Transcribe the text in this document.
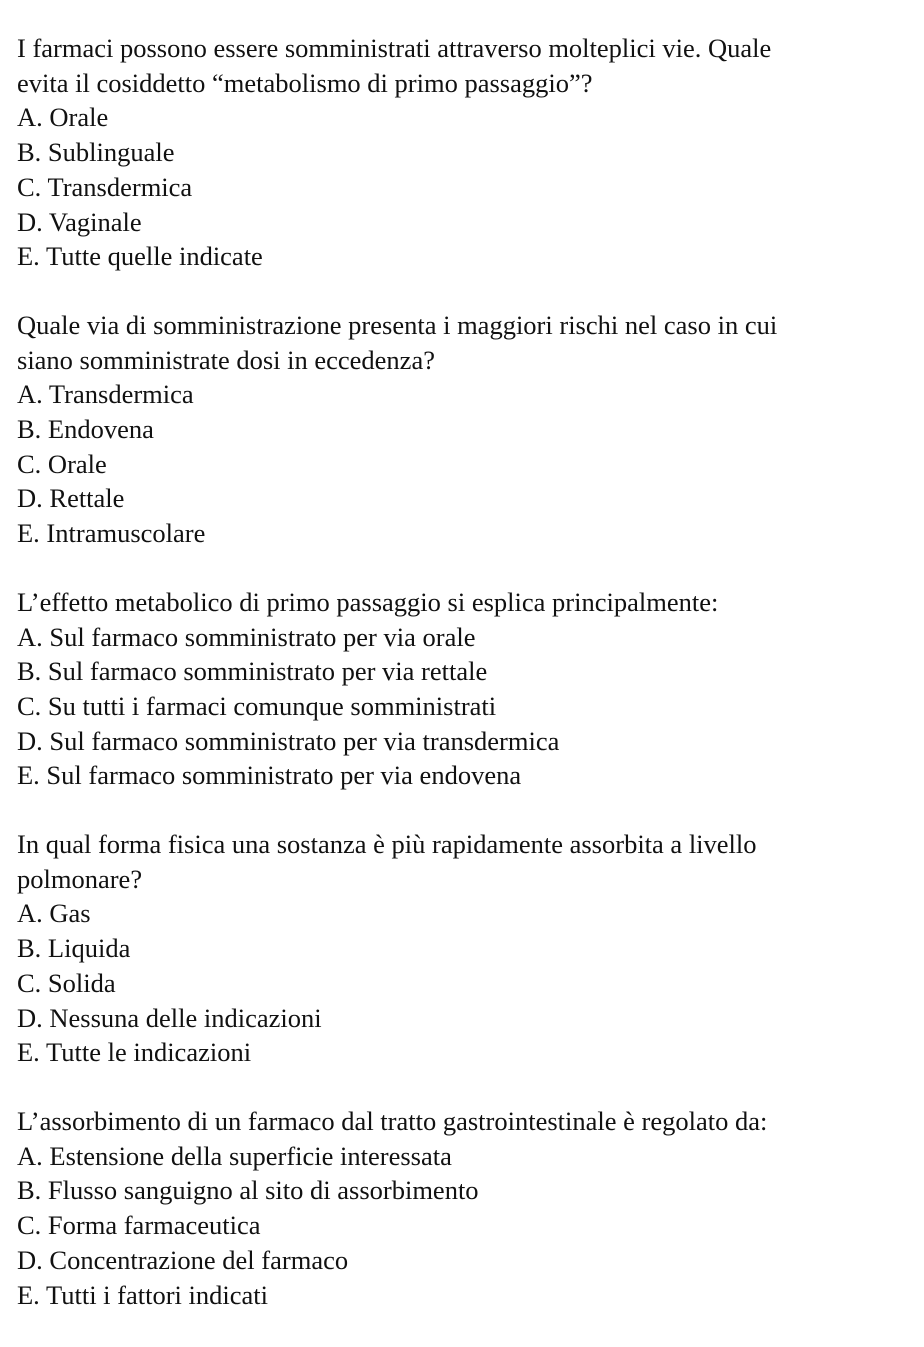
I farmaci possono essere somministrati attraverso molteplici vie. Quale

evita il cosiddetto “metabolismo di primo passaggio”?

A. Orale
B. Sublinguale
C. Transdermica
D. Vaginale
E. Tutte quelle indicate

Quale via di somministrazione presenta i maggiori rischi nel caso in cui

siano somministrate dosi in eccedenza?

A. Transdermica
B. Endovena
C. Orale
D. Rettale
E. Intramuscolare

L’effetto metabolico di primo passaggio si esplica principalmente:

A. Sul farmaco somministrato per via orale
B. Sul farmaco somministrato per via rettale
C. Su tutti i farmaci comunque somministrati
D. Sul farmaco somministrato per via transdermica
E. Sul farmaco somministrato per via endovena

In qual forma fisica una sostanza è più rapidamente assorbita a livello

polmonare?

A. Gas
B. Liquida
C. Solida
D. Nessuna delle indicazioni
E. Tutte le indicazioni

L’assorbimento di un farmaco dal tratto gastrointestinale è regolato da:

A. Estensione della superficie interessata
B. Flusso sanguigno al sito di assorbimento
C. Forma farmaceutica
D. Concentrazione del farmaco
E. Tutti i fattori indicati
